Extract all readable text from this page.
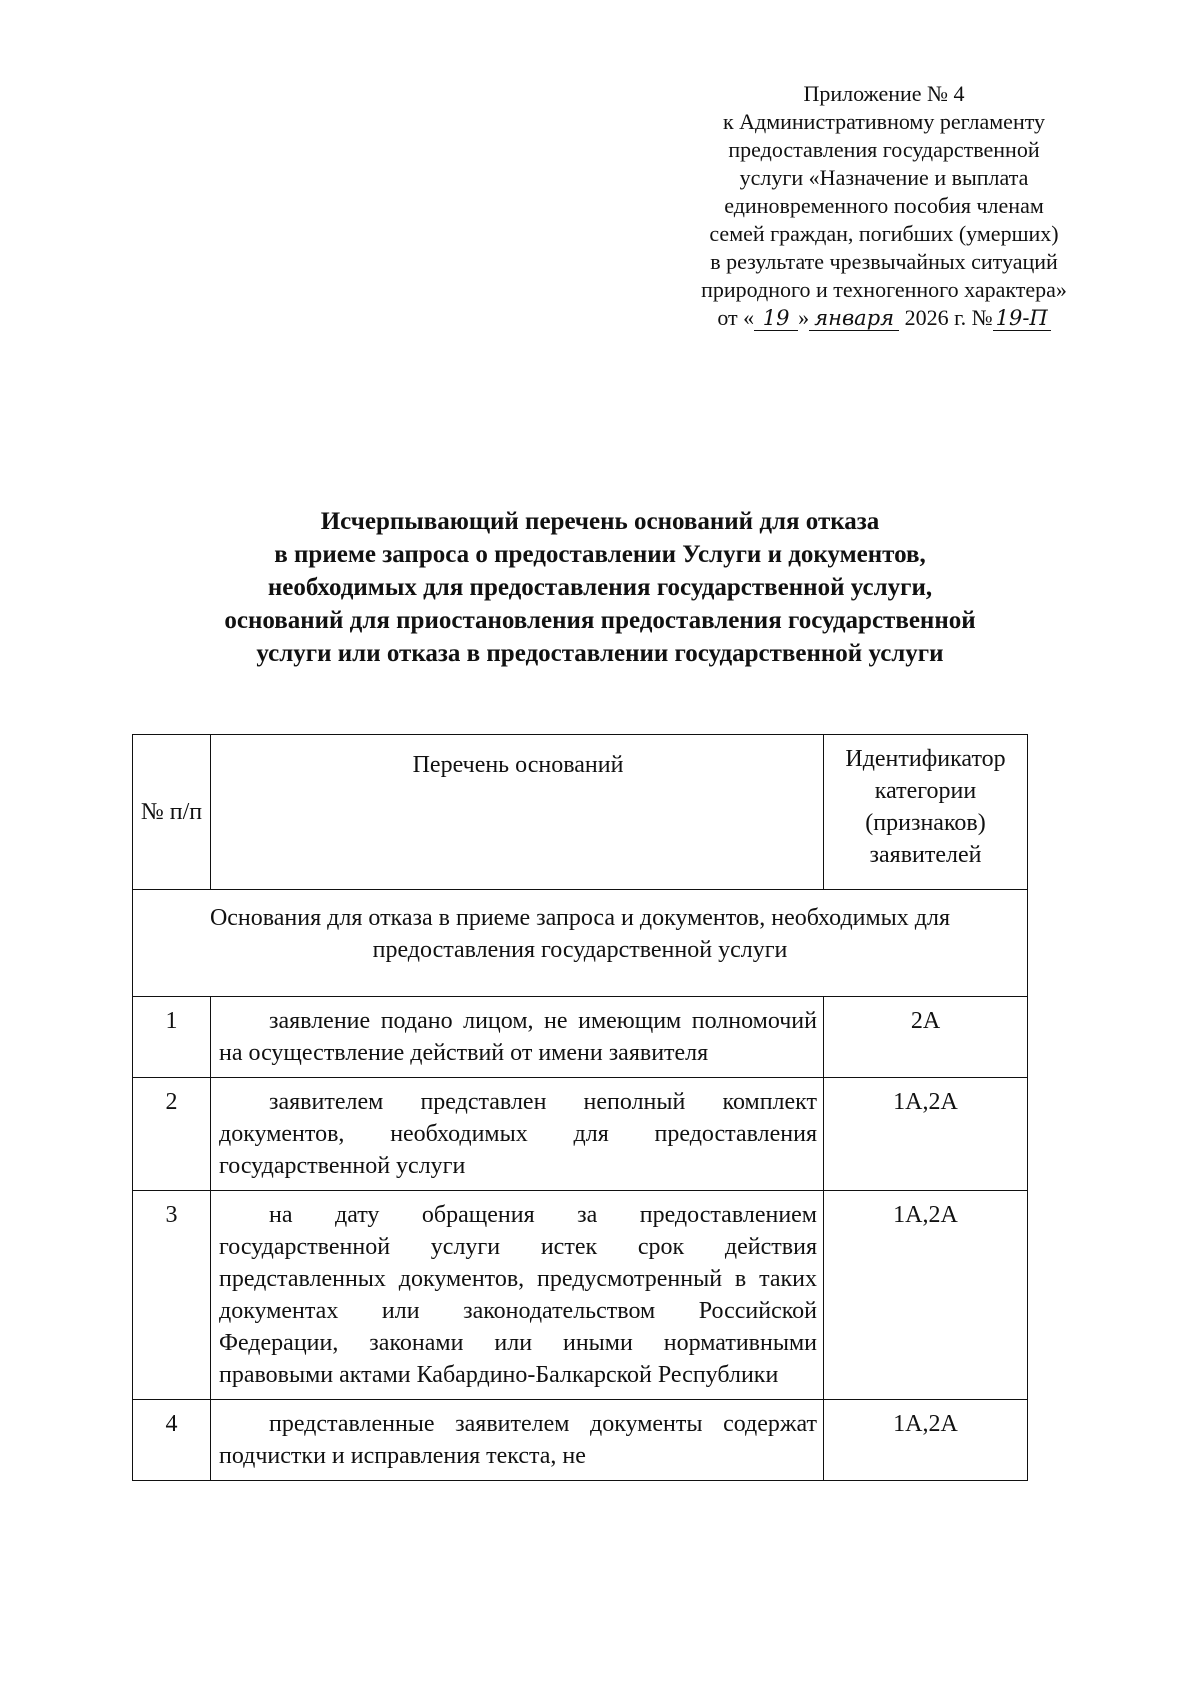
Приложение № 4
к Административному регламенту
предоставления государственной
услуги «Назначение и выплата
единовременного пособия членам
семей граждан, погибших (умерших)
в результате чрезвычайных ситуаций
природного и техногенного характера»
от « 19 » января 2026 г. № 19-П
Исчерпывающий перечень оснований для отказа
в приеме запроса о предоставлении Услуги и документов,
необходимых для предоставления государственной услуги,
оснований для приостановления предоставления государственной
услуги или отказа в предоставлении государственной услуги
№ п/п	Перечень оснований	Идентификатор категории (признаков) заявителей
Основания для отказа в приеме запроса и документов, необходимых для предоставления государственной услуги		
1	заявление подано лицом, не имеющим полномочий на осуществление действий от имени заявителя	2А
2	заявителем представлен неполный комплект документов, необходимых для предоставления государственной услуги	1А,2А
3	на дату обращения за предоставлением государственной услуги истек срок действия представленных документов, предусмотренный в таких документах или законодательством Российской Федерации, законами или иными нормативными правовыми актами Кабардино-Балкарской Республики	1А,2А
4	представленные заявителем документы содержат подчистки и исправления текста, не	1А,2А
